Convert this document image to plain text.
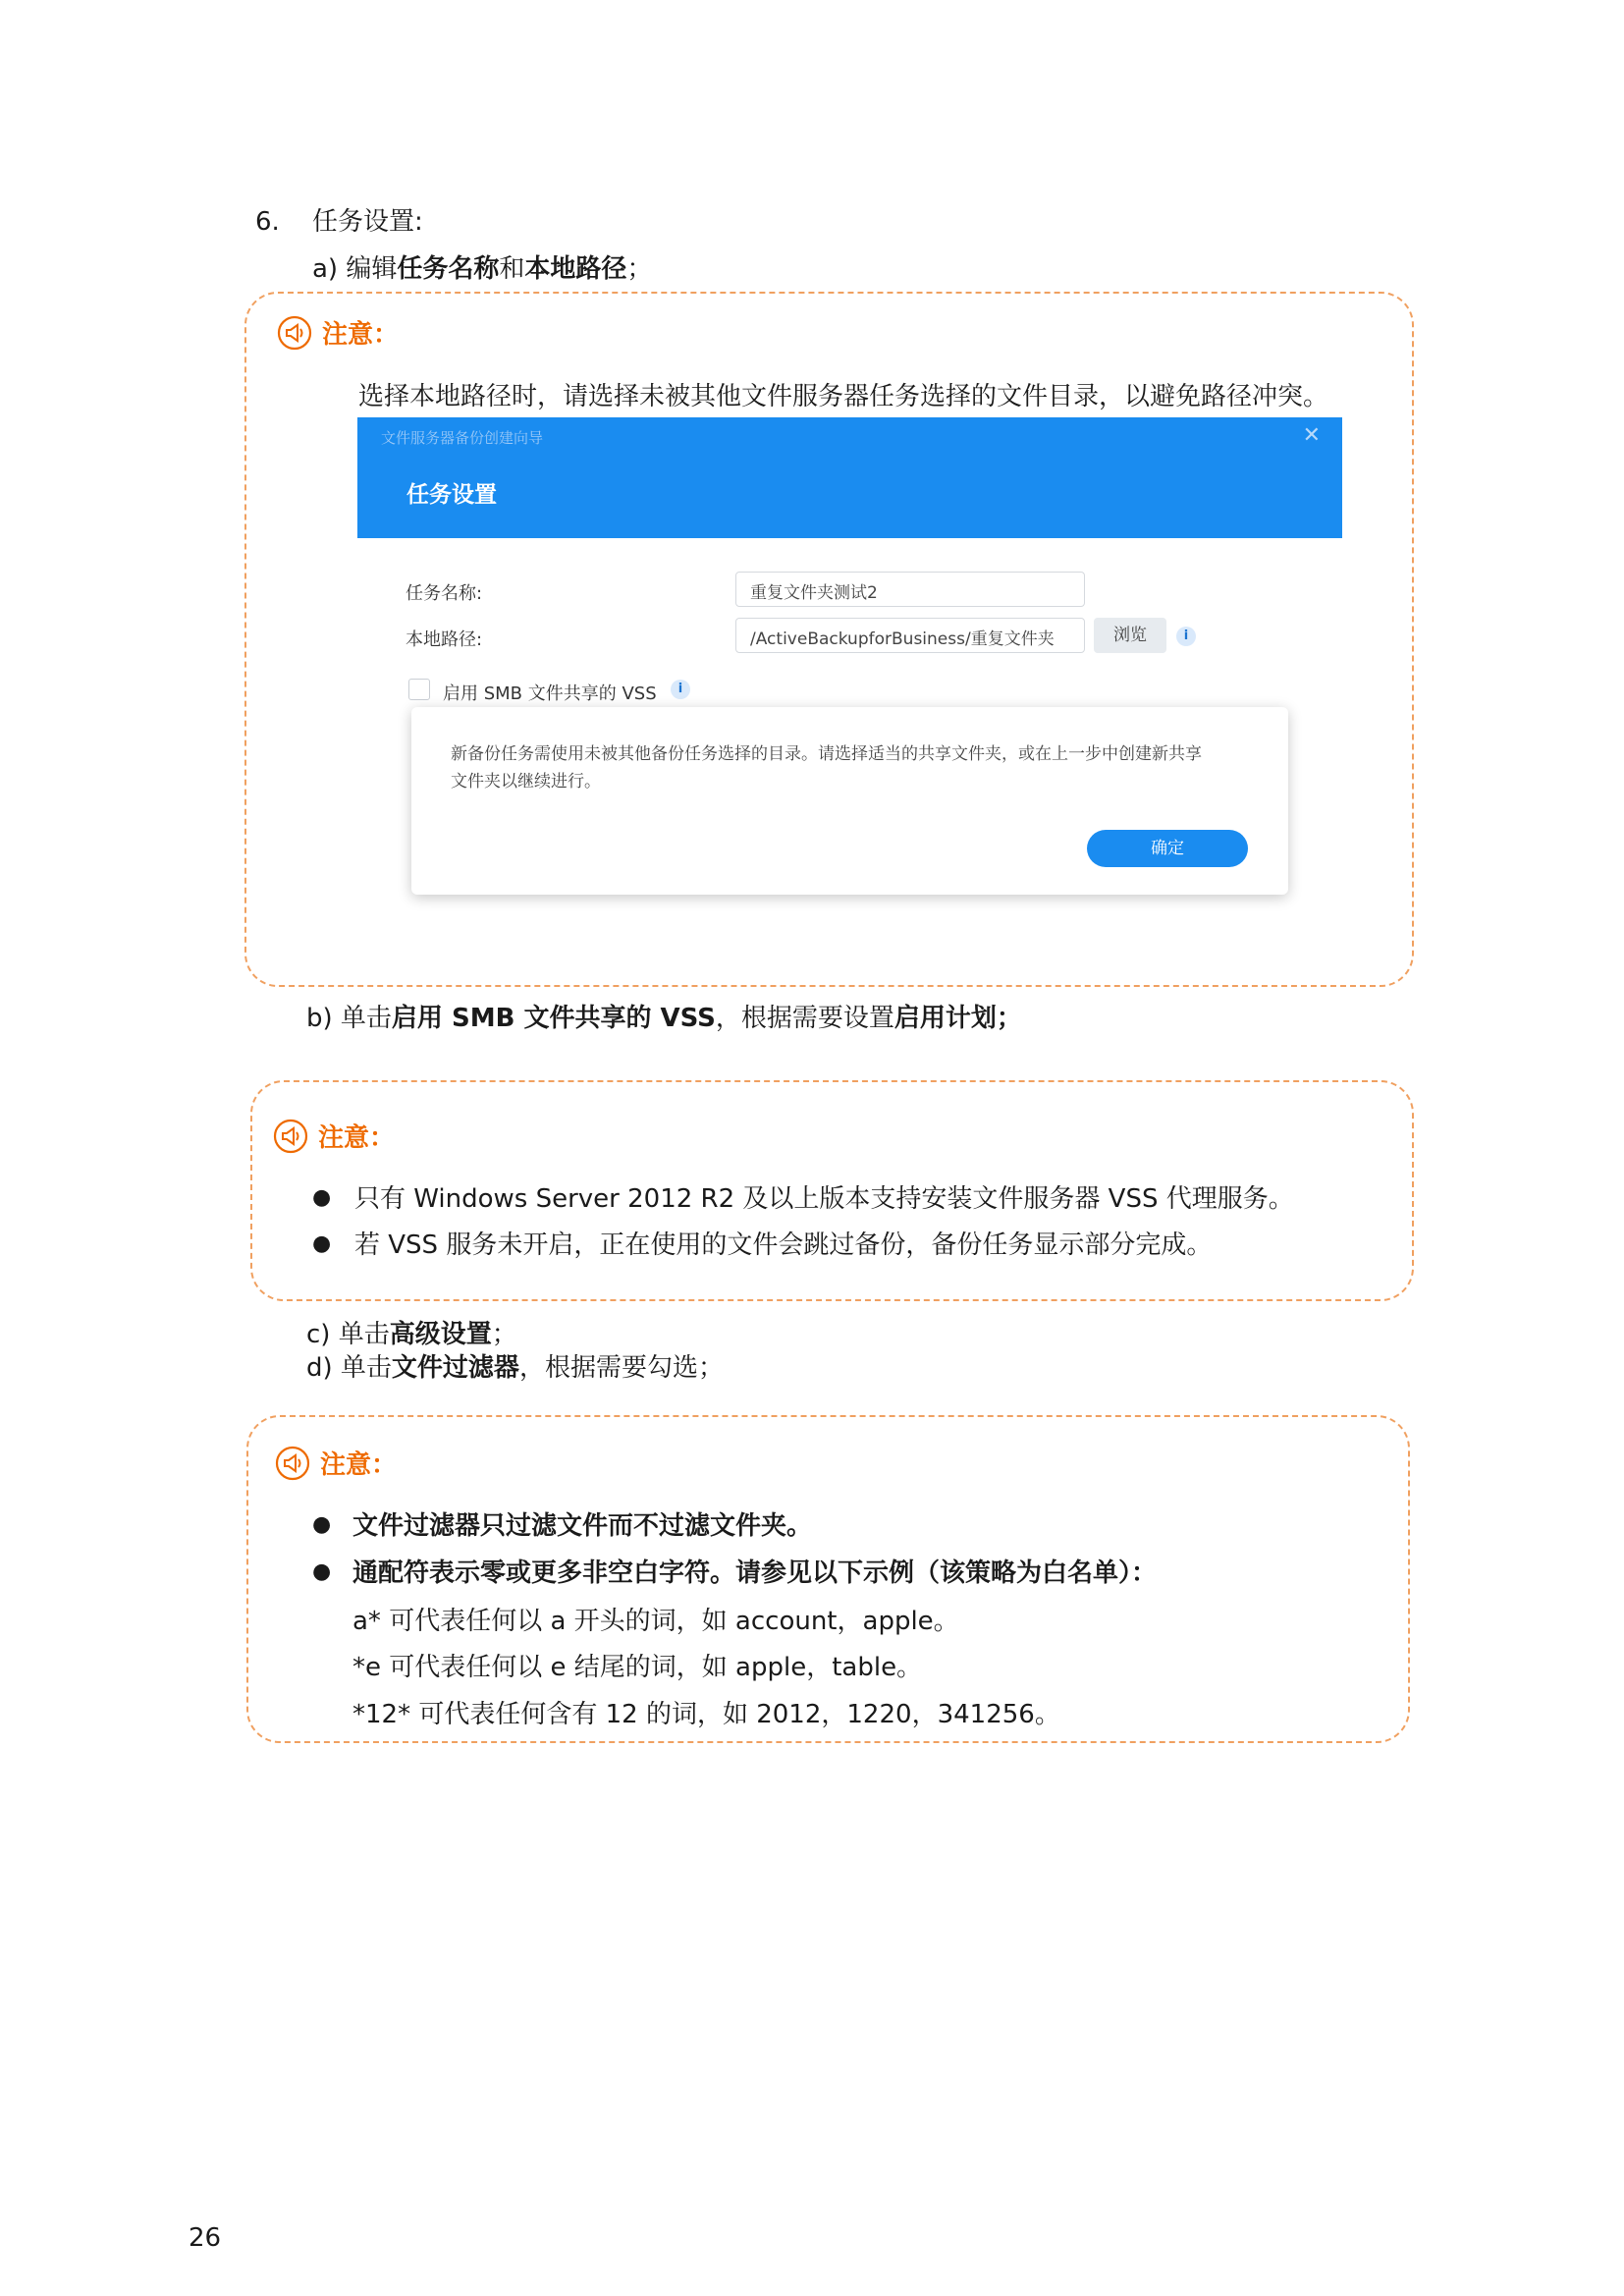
6. 任务设置:
a) 编辑任务名称和本地路径；
注意：
选择本地路径时，请选择未被其他文件服务器任务选择的文件目录，以避免路径冲突。
文件服务器备份创建向导	✕
任务设置
任务名称:	重复文件夹测试2
本地路径:	/ActiveBackupforBusiness/重复文件夹	浏览	i
启用 SMB 文件共享的 VSS	i
新备份任务需使用未被其他备份任务选择的目录。请选择适当的共享文件夹，或在上一步中创建新共享
文件夹以继续进行。
确定
b) 单击启用 SMB 文件共享的 VSS，根据需要设置启用计划；
注意：
● 只有 Windows Server 2012 R2 及以上版本支持安装文件服务器 VSS 代理服务。
● 若 VSS 服务未开启，正在使用的文件会跳过备份，备份任务显示部分完成。
c) 单击高级设置；
d) 单击文件过滤器，根据需要勾选；
注意：
● 文件过滤器只过滤文件而不过滤文件夹。
● 通配符表示零或更多非空白字符。请参见以下示例（该策略为白名单）：
a* 可代表任何以 a 开头的词，如 account，apple。
*e 可代表任何以 e 结尾的词，如 apple，table。
*12* 可代表任何含有 12 的词，如 2012，1220，341256。
26
